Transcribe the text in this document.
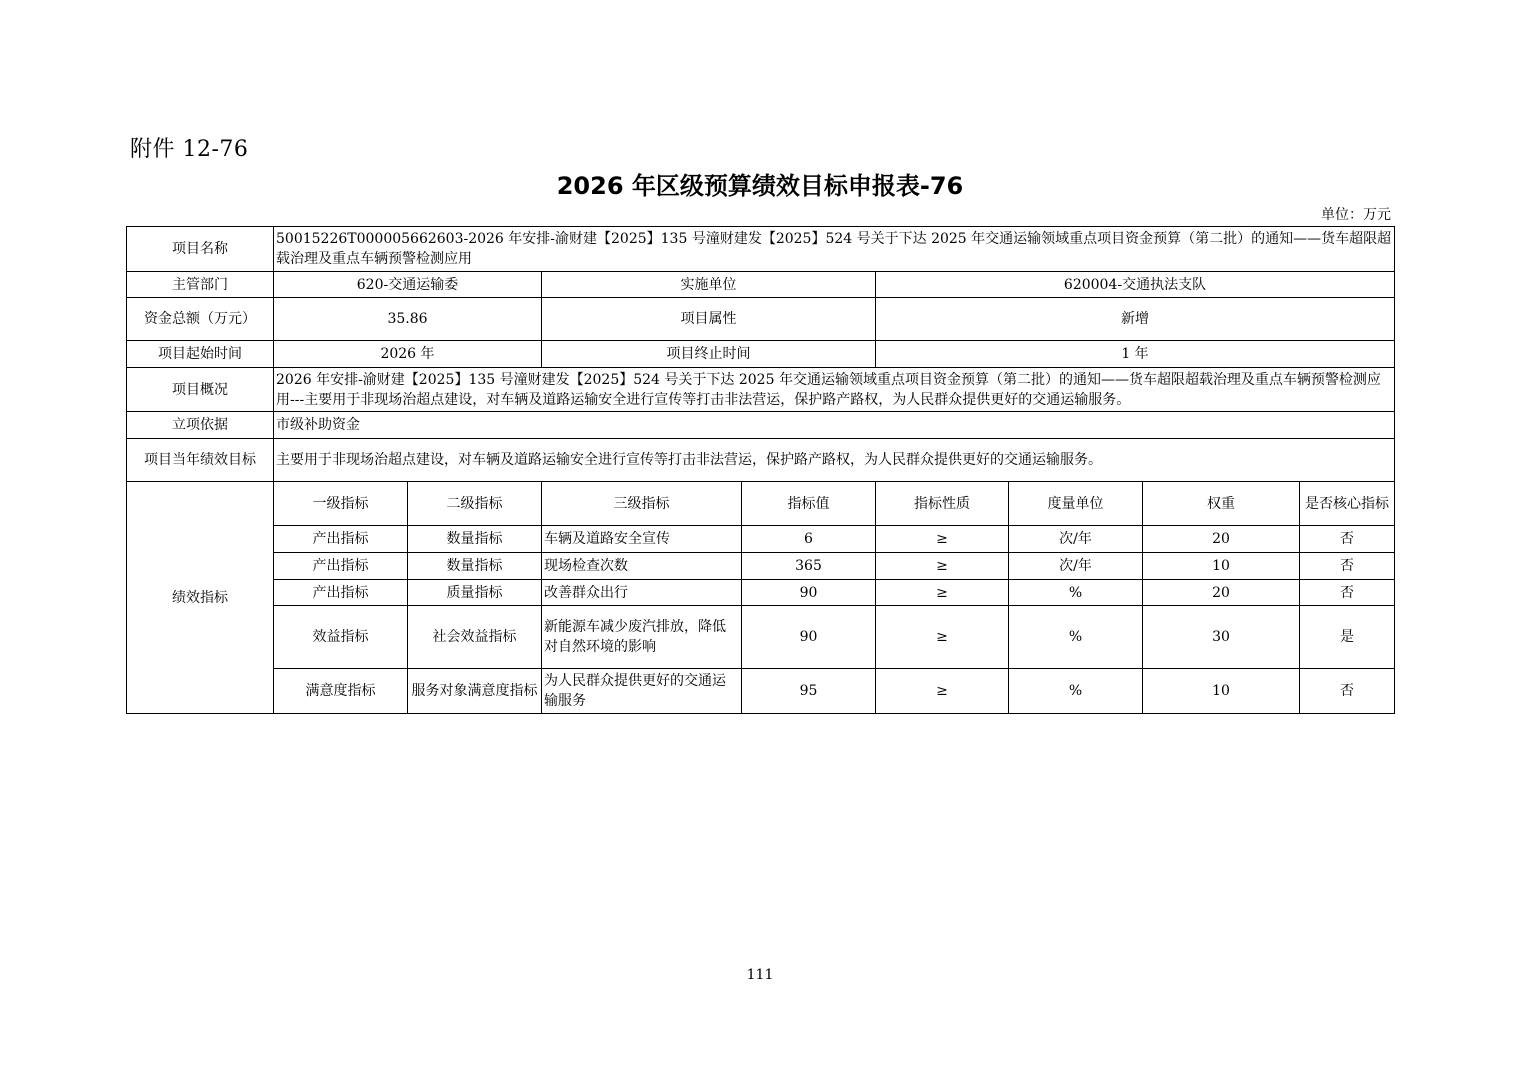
附件 12-76
2026 年区级预算绩效目标申报表-76
单位：万元
项目名称	50015226T000005662603-2026 年安排-渝财建【2025】135 号潼财建发【2025】524 号关于下达 2025 年交通运输领域重点项目资金预算（第二批）的通知——货车超限超载治理及重点车辆预警检测应用							
主管部门	620-交通运输委		实施单位		620004-交通执法支队			
资金总额（万元）	35.86		项目属性		新增			
项目起始时间	2026 年		项目终止时间		1 年			
项目概况	2026 年安排-渝财建【2025】135 号潼财建发【2025】524 号关于下达 2025 年交通运输领域重点项目资金预算（第二批）的通知——货车超限超载治理及重点车辆预警检测应用---主要用于非现场治超点建设，对车辆及道路运输安全进行宣传等打击非法营运，保护路产路权，为人民群众提供更好的交通运输服务。							
立项依据	市级补助资金							
项目当年绩效目标	主要用于非现场治超点建设，对车辆及道路运输安全进行宣传等打击非法营运，保护路产路权，为人民群众提供更好的交通运输服务。							
绩效指标	一级指标	二级指标	三级指标	指标值	指标性质	度量单位	权重	是否核心指标
	产出指标	数量指标	车辆及道路安全宣传	6	≥	次/年	20	否
	产出指标	数量指标	现场检查次数	365	≥	次/年	10	否
	产出指标	质量指标	改善群众出行	90	≥	%	20	否
	效益指标	社会效益指标	新能源车减少废汽排放，降低对自然环境的影响	90	≥	%	30	是
	满意度指标	服务对象满意度指标	为人民群众提供更好的交通运输服务	95	≥	%	10	否
111
